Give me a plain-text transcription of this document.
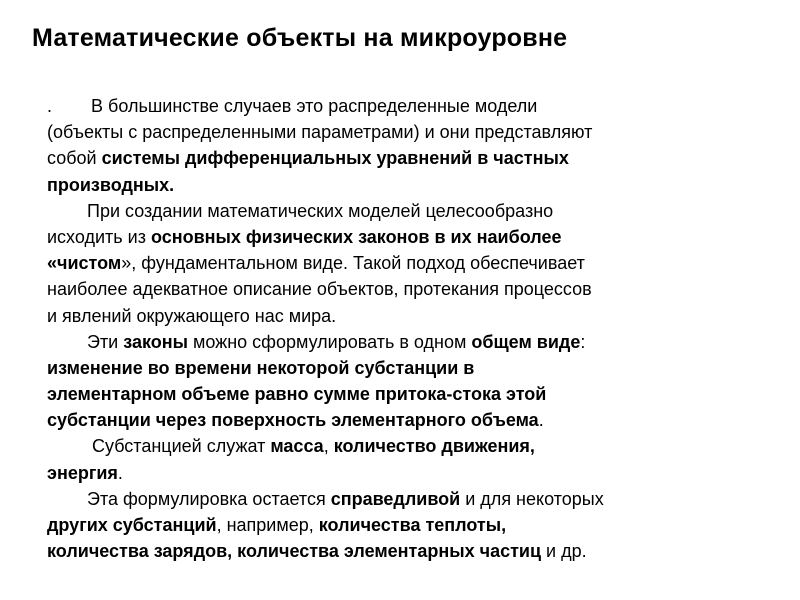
Математические объекты на микроуровне
. В большинстве случаев это распределенные модели
(объекты с распределенными параметрами) и они представляют
собой системы дифференциальных уравнений в частных
производных.
При создании математических моделей целесообразно
исходить из основных физических законов в их наиболее
«чистом», фундаментальном виде. Такой подход обеспечивает
наиболее адекватное описание объектов, протекания процессов
и явлений окружающего нас мира.
Эти законы можно сформулировать в одном общем виде:
изменение во времени некоторой субстанции в
элементарном объеме равно сумме притока-стока этой
субстанции через поверхность элементарного объема.
Субстанцией служат масса, количество движения,
энергия.
Эта формулировка остается справедливой и для некоторых
других субстанций, например, количества теплоты,
количества зарядов, количества элементарных частиц и др.
